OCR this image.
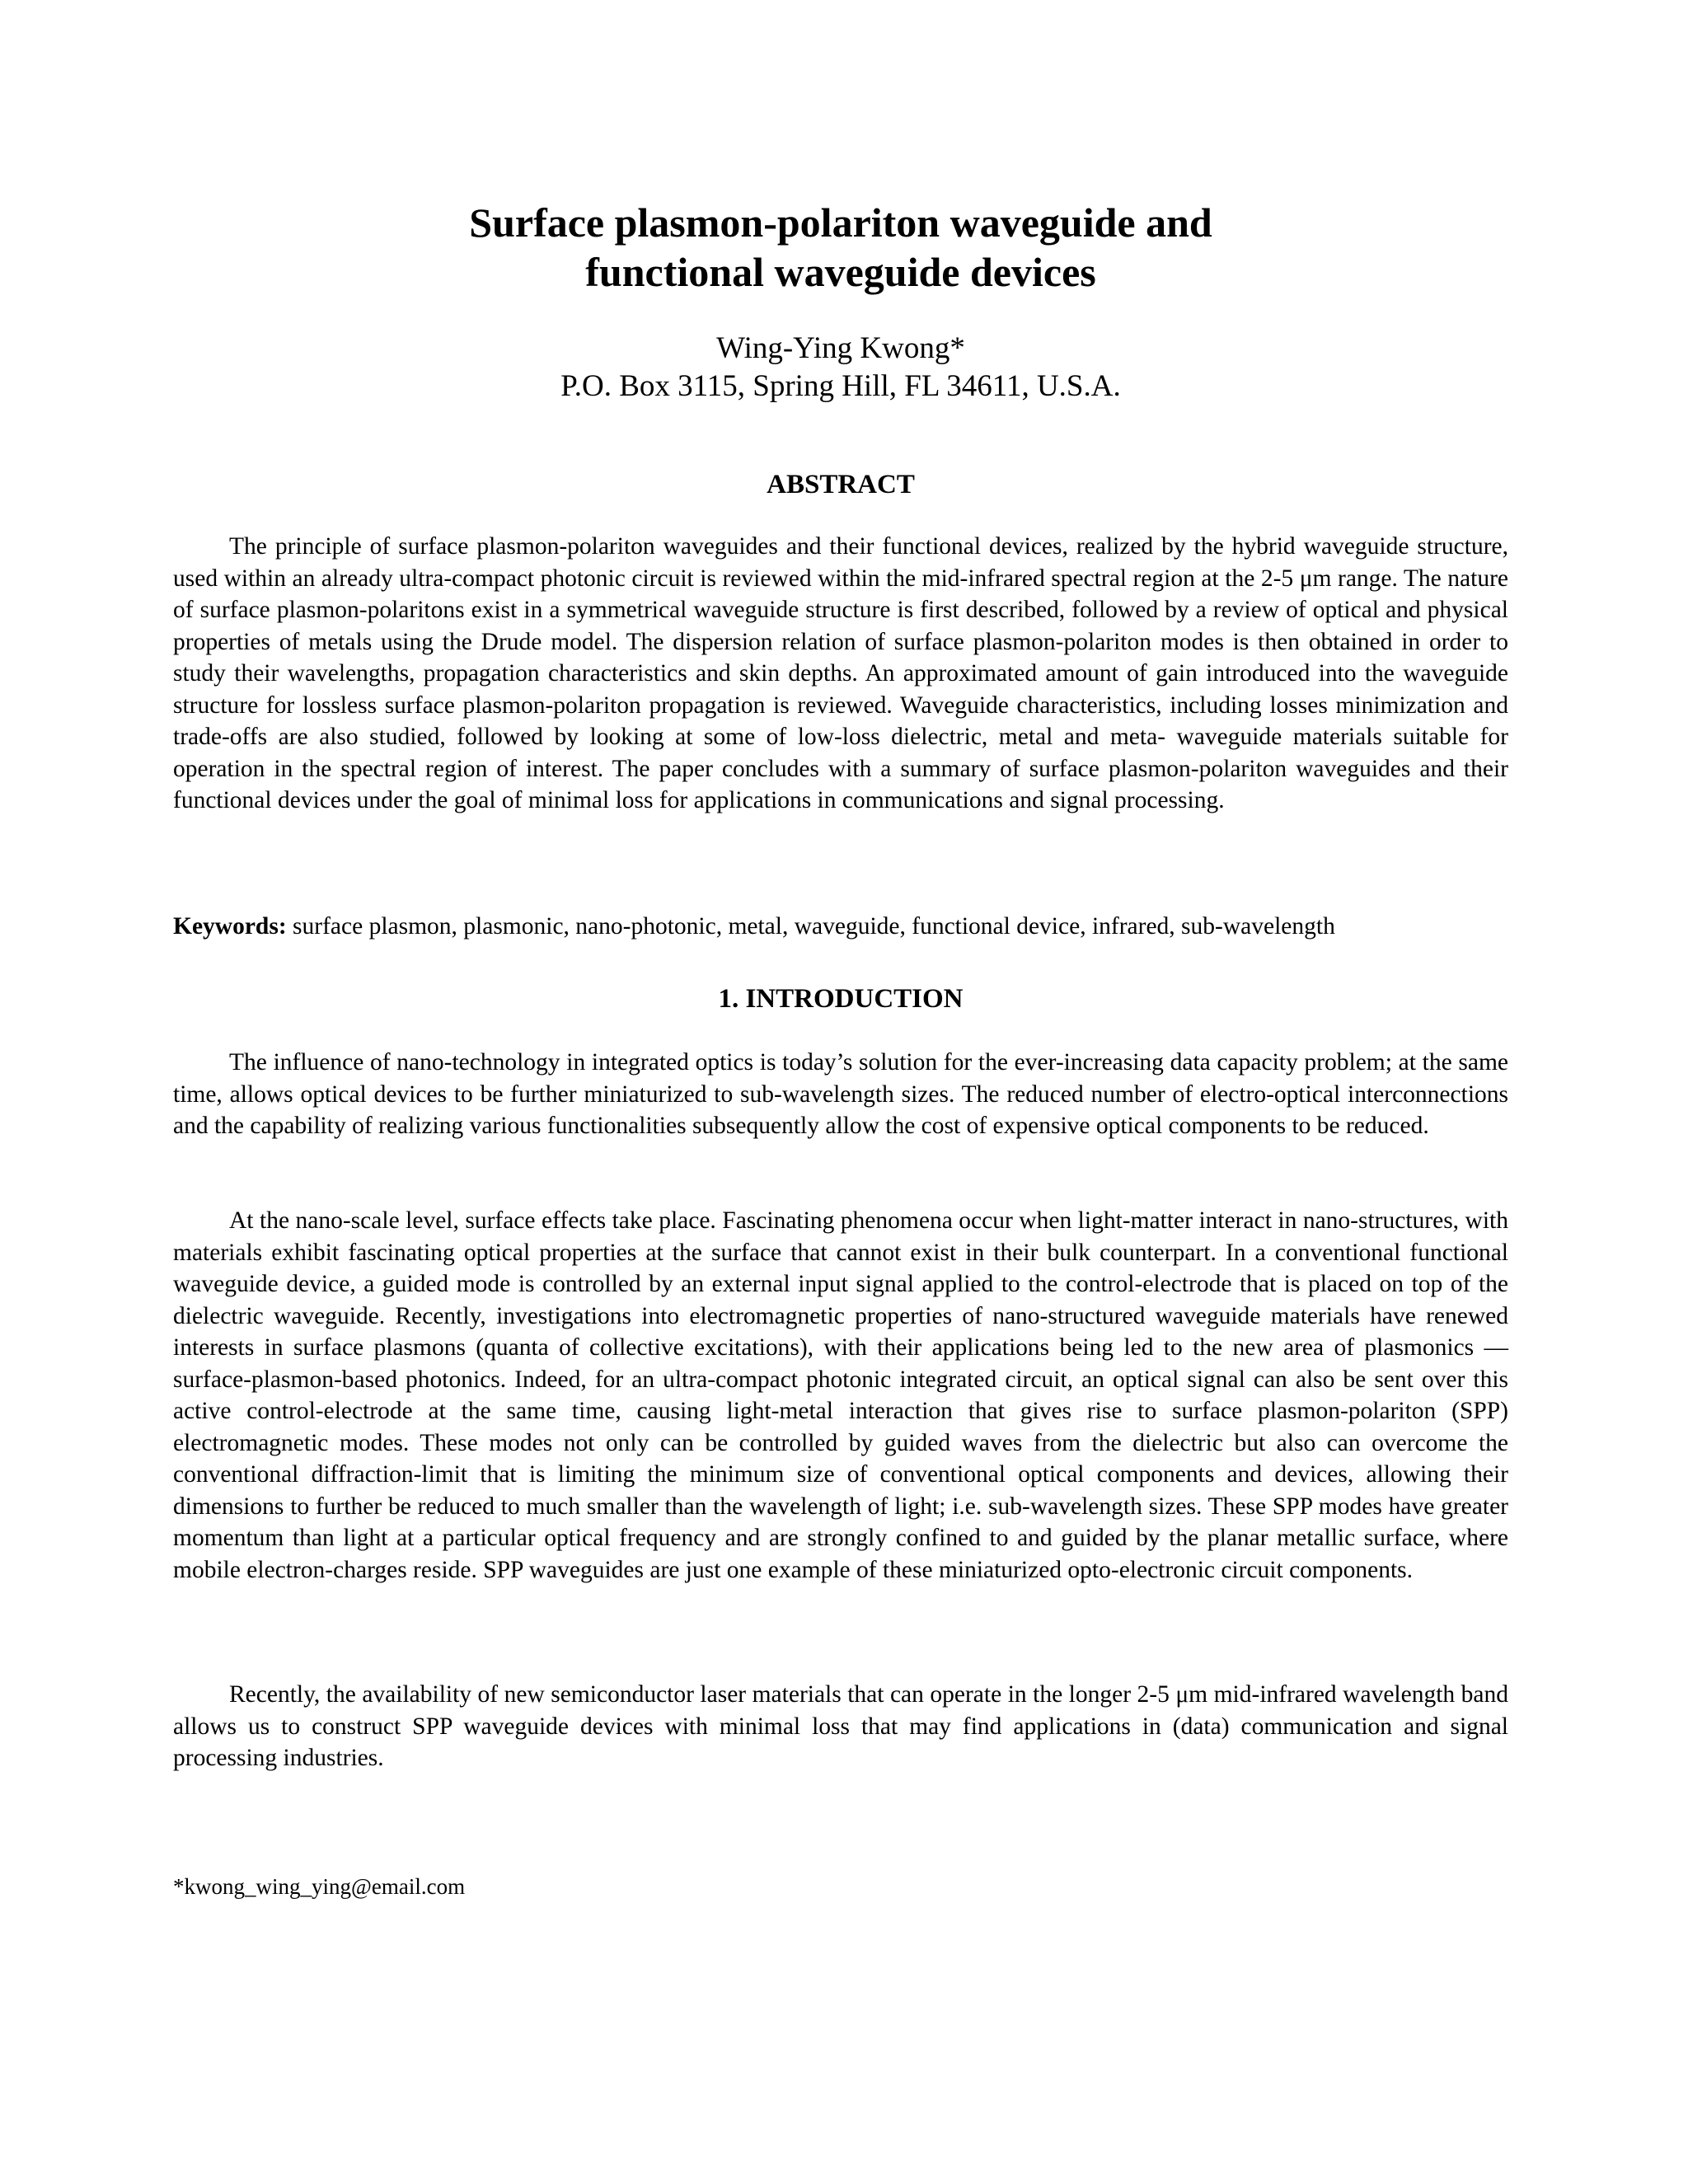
Surface plasmon-polariton waveguide and
functional waveguide devices
Wing-Ying Kwong*
P.O. Box 3115, Spring Hill, FL 34611, U.S.A.
ABSTRACT

The principle of surface plasmon-polariton waveguides and their functional devices, realized by the hybrid waveguide structure, used within an already ultra-compact photonic circuit is reviewed within the mid-infrared spectral region at the 2-5 μm range. The nature of surface plasmon-polaritons exist in a symmetrical waveguide structure is first described, followed by a review of optical and physical properties of metals using the Drude model. The dispersion relation of surface plasmon-polariton modes is then obtained in order to study their wavelengths, propagation characteristics and skin depths. An approximated amount of gain introduced into the waveguide structure for lossless surface plasmon-polariton propagation is reviewed. Waveguide characteristics, including losses minimization and trade-offs are also studied, followed by looking at some of low-loss dielectric, metal and meta- waveguide materials suitable for operation in the spectral region of interest. The paper concludes with a summary of surface plasmon-polariton waveguides and their functional devices under the goal of minimal loss for applications in communications and signal processing.

Keywords: surface plasmon, plasmonic, nano-photonic, metal, waveguide, functional device, infrared, sub-wavelength

1. INTRODUCTION

The influence of nano-technology in integrated optics is today’s solution for the ever-increasing data capacity problem; at the same time, allows optical devices to be further miniaturized to sub-wavelength sizes. The reduced number of electro-optical interconnections and the capability of realizing various functionalities subsequently allow the cost of expensive optical components to be reduced.

At the nano-scale level, surface effects take place. Fascinating phenomena occur when light-matter interact in nano-structures, with materials exhibit fascinating optical properties at the surface that cannot exist in their bulk counterpart. In a conventional functional waveguide device, a guided mode is controlled by an external input signal applied to the control-electrode that is placed on top of the dielectric waveguide. Recently, investigations into electromagnetic properties of nano-structured waveguide materials have renewed interests in surface plasmons (quanta of collective excitations), with their applications being led to the new area of plasmonics — surface-plasmon-based photonics. Indeed, for an ultra-compact photonic integrated circuit, an optical signal can also be sent over this active control-electrode at the same time, causing light-metal interaction that gives rise to surface plasmon-polariton (SPP) electromagnetic modes. These modes not only can be controlled by guided waves from the dielectric but also can overcome the conventional diffraction-limit that is limiting the minimum size of conventional optical components and devices, allowing their dimensions to further be reduced to much smaller than the wavelength of light; i.e. sub-wavelength sizes. These SPP modes have greater momentum than light at a particular optical frequency and are strongly confined to and guided by the planar metallic surface, where mobile electron-charges reside. SPP waveguides are just one example of these miniaturized opto-electronic circuit components.

Recently, the availability of new semiconductor laser materials that can operate in the longer 2-5 μm mid-infrared wavelength band allows us to construct SPP waveguide devices with minimal loss that may find applications in (data) communication and signal processing industries.

*kwong_wing_ying@email.com
